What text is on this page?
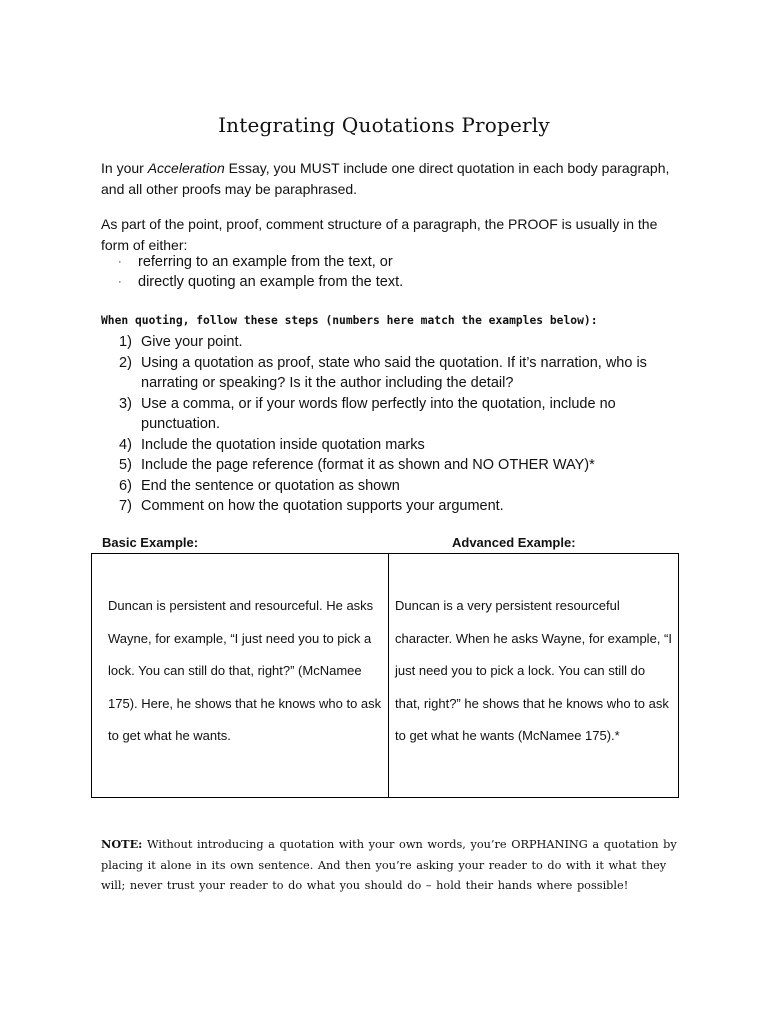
Integrating Quotations Properly
In your Acceleration Essay, you MUST include one direct quotation in each body paragraph, and all other proofs may be paraphrased.
As part of the point, proof, comment structure of a paragraph, the PROOF is usually in the form of either:
· referring to an example from the text, or
· directly quoting an example from the text.
When quoting, follow these steps (numbers here match the examples below):
1) Give your point.
2) Using a quotation as proof, state who said the quotation. If it’s narration, who is narrating or speaking? Is it the author including the detail?
3) Use a comma, or if your words flow perfectly into the quotation, include no punctuation.
4) Include the quotation inside quotation marks
5) Include the page reference (format it as shown and NO OTHER WAY)*
6) End the sentence or quotation as shown
7) Comment on how the quotation supports your argument.
Basic Example:	Advanced Example:
Duncan is persistent and resourceful. He asks Wayne, for example, “I just need you to pick a lock. You can still do that, right?” (McNamee 175). Here, he shows that he knows who to ask to get what he wants.
Duncan is a very persistent resourceful character. When he asks Wayne, for example, “I just need you to pick a lock. You can still do that, right?” he shows that he knows who to ask to get what he wants (McNamee 175).*
NOTE: Without introducing a quotation with your own words, you’re ORPHANING a quotation by placing it alone in its own sentence. And then you’re asking your reader to do with it what they will; never trust your reader to do what you should do – hold their hands where possible!
